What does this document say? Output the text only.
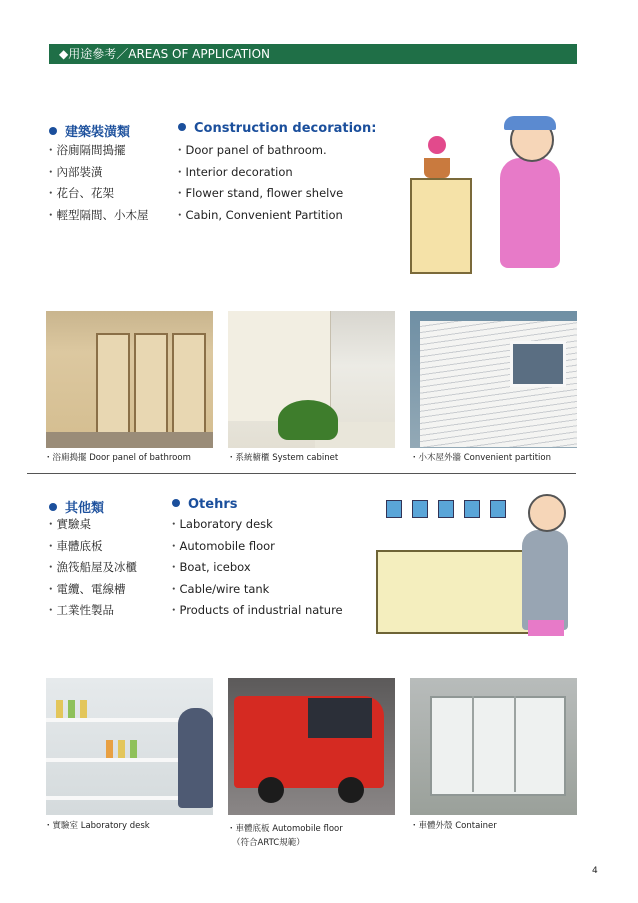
◆用途參考／AREAS OF APPLICATION
建築裝潢類	Construction decoration:
・ 浴廁隔間搗擺
・ 內部裝潢
・ 花台、花架
・ 輕型隔間、小木屋
・ Door panel of bathroom.
・ Interior decoration
・ Flower stand, flower shelve
・ Cabin, Convenient Partition
・ 浴廁搗擺 Door panel of bathroom	・ 系統櫥櫃 System cabinet	・ 小木屋外牆 Convenient partition
其他類	Otehrs
・ 實驗桌
・ 車體底板
・ 漁筏船屋及冰櫃
・ 電纜、電線槽
・ 工業性製品
・ Laboratory desk
・ Automobile floor
・ Boat, icebox
・ Cable/wire tank
・ Products of industrial nature
・ 實驗室 Laboratory desk	・ 車體底板 Automobile floor
（符合ARTC規範）
・ 車體外殼 Container
4
